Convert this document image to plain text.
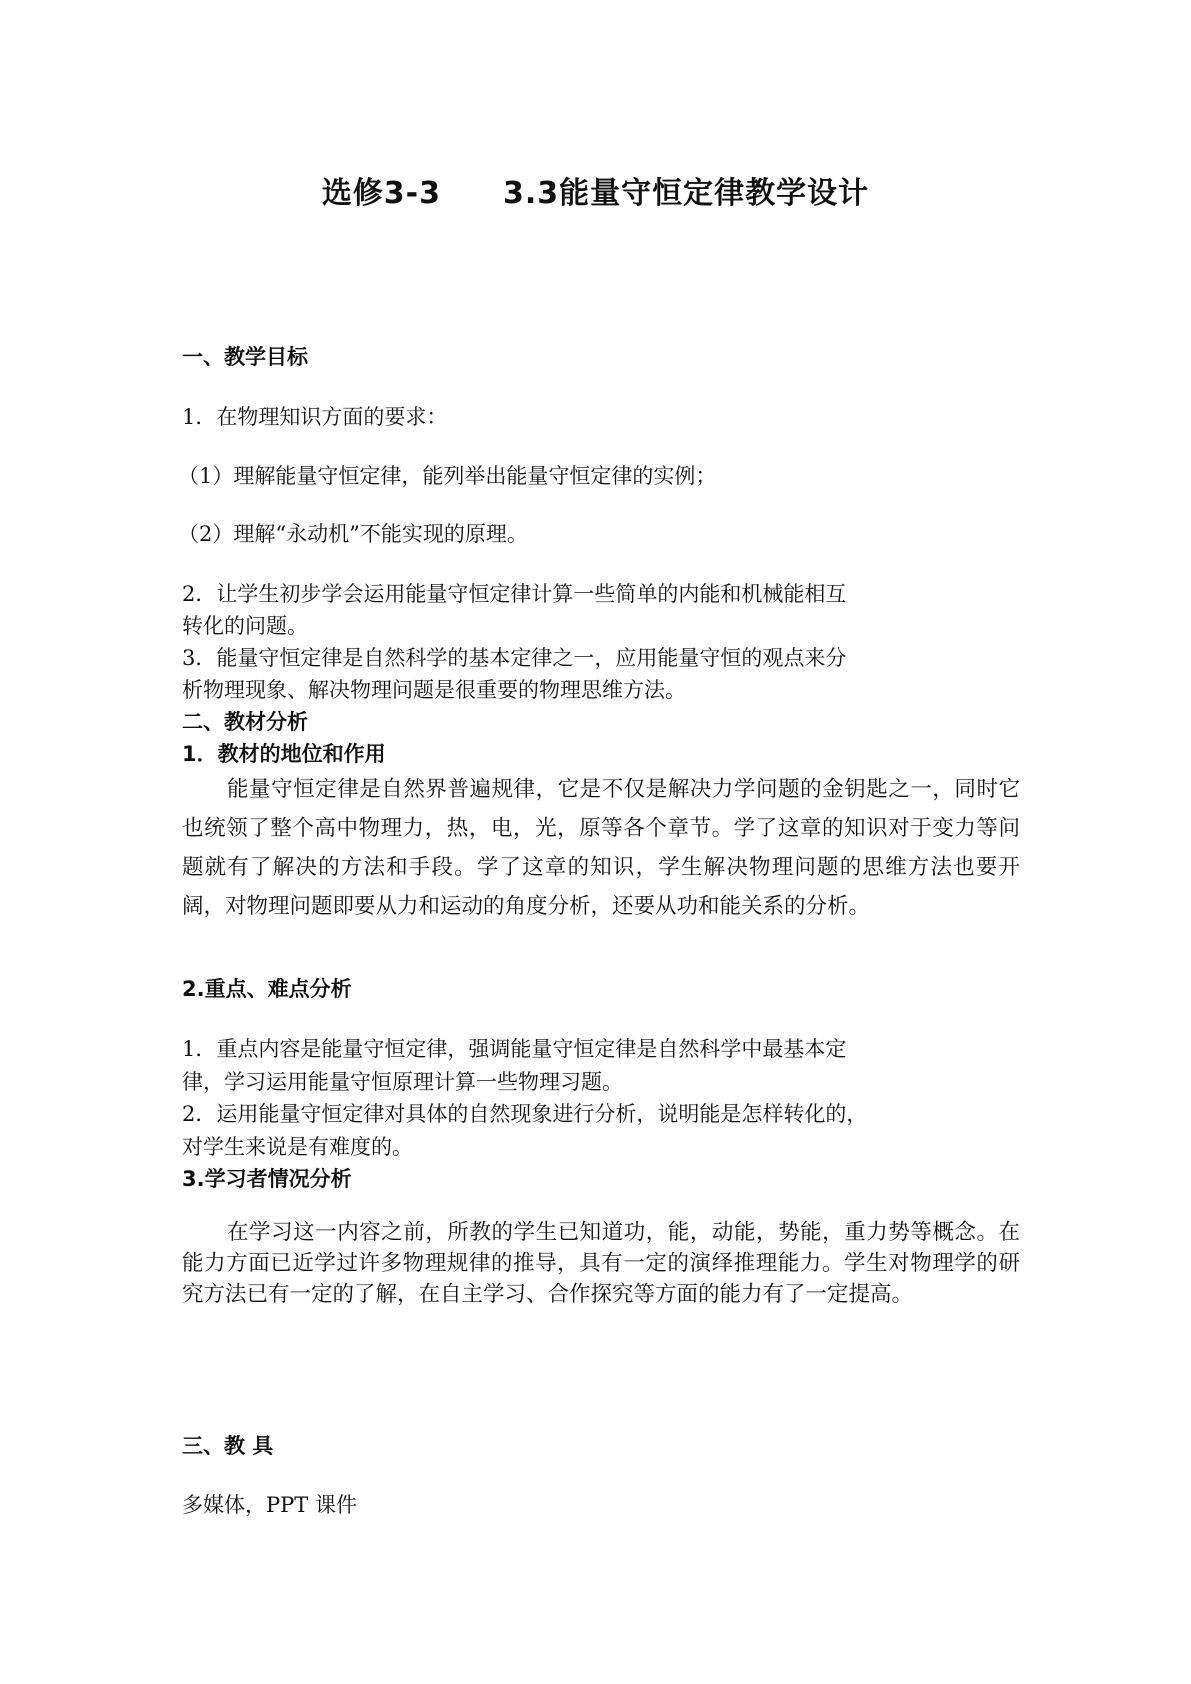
选修3-3 3.3能量守恒定律教学设计
一、教学目标
1．在物理知识方面的要求：
（1）理解能量守恒定律，能列举出能量守恒定律的实例；
（2）理解“永动机”不能实现的原理。
2．让学生初步学会运用能量守恒定律计算一些简单的内能和机械能相互
转化的问题。
3．能量守恒定律是自然科学的基本定律之一，应用能量守恒的观点来分
析物理现象、解决物理问题是很重要的物理思维方法。
二、教材分析
1．教材的地位和作用
能量守恒定律是自然界普遍规律，它是不仅是解决力学问题的金钥匙之一，同时它也统领了整个高中物理力，热，电，光，原等各个章节。学了这章的知识对于变力等问题就有了解决的方法和手段。学了这章的知识，学生解决物理问题的思维方法也要开阔，对物理问题即要从力和运动的角度分析，还要从功和能关系的分析。
2.重点、难点分析
1．重点内容是能量守恒定律，强调能量守恒定律是自然科学中最基本定
律，学习运用能量守恒原理计算一些物理习题。
2．运用能量守恒定律对具体的自然现象进行分析，说明能是怎样转化的，
对学生来说是有难度的。
3.学习者情况分析
在学习这一内容之前，所教的学生已知道功，能，动能，势能，重力势等概念。在能力方面已近学过许多物理规律的推导，具有一定的演绎推理能力。学生对物理学的研究方法已有一定的了解，在自主学习、合作探究等方面的能力有了一定提高。
三、教 具
多媒体，PPT 课件
